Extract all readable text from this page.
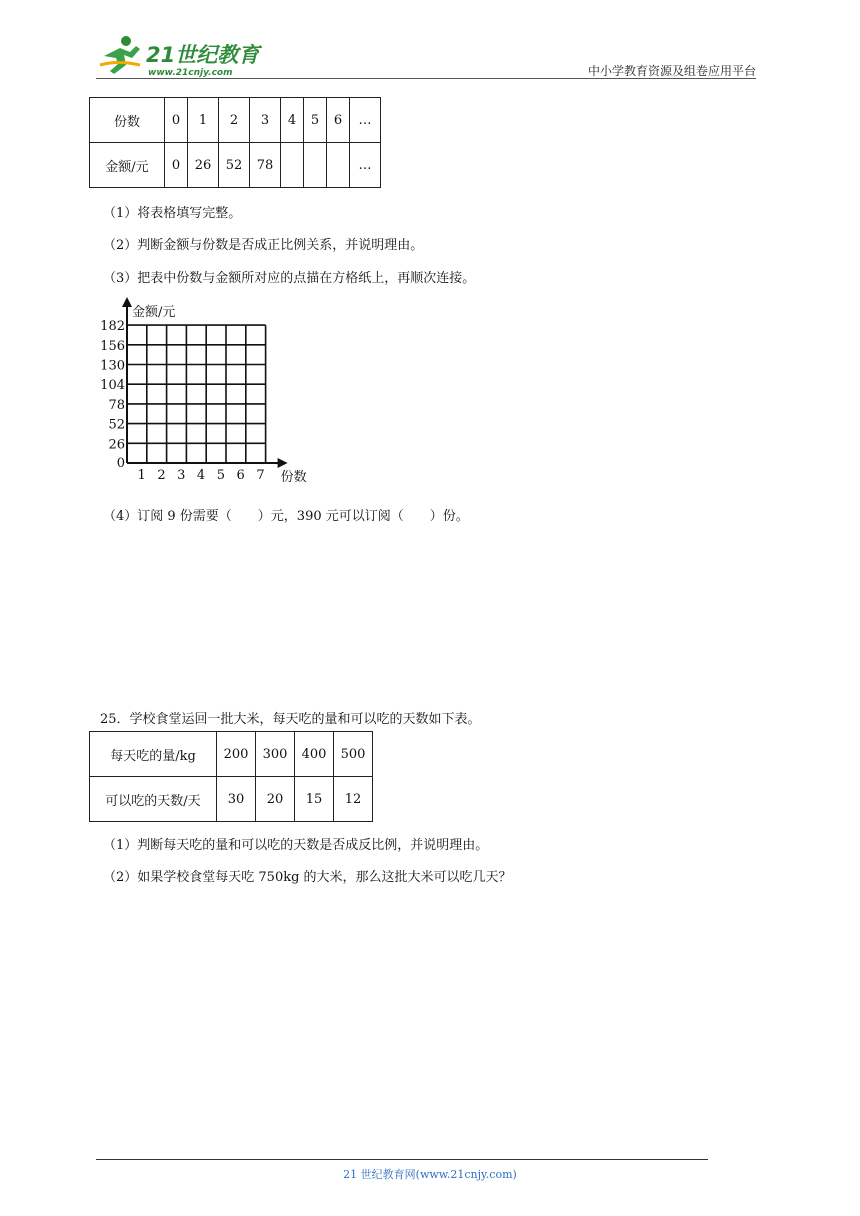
21世纪教育
www.21cnjy.com	中小学教育资源及组卷应用平台
份数	0	1	2	3	4	5	6	…
金额/元	0	26	52	78				…
（1）将表格填写完整。
（2）判断金额与份数是否成正比例关系，并说明理由。
（3）把表中份数与金额所对应的点描在方格纸上，再顺次连接。
1 2 3 4 5 6 7
26
52
78
104
130
156
182
金额/元
份数
0
（4）订阅 9 份需要（　　）元，390 元可以订阅（　　）份。
25．学校食堂运回一批大米，每天吃的量和可以吃的天数如下表。
每天吃的量/kg	200	300	400	500
可以吃的天数/天	30	20	15	12
（1）判断每天吃的量和可以吃的天数是否成反比例，并说明理由。
（2）如果学校食堂每天吃 750kg 的大米，那么这批大米可以吃几天？
21 世纪教育网(www.21cnjy.com)
